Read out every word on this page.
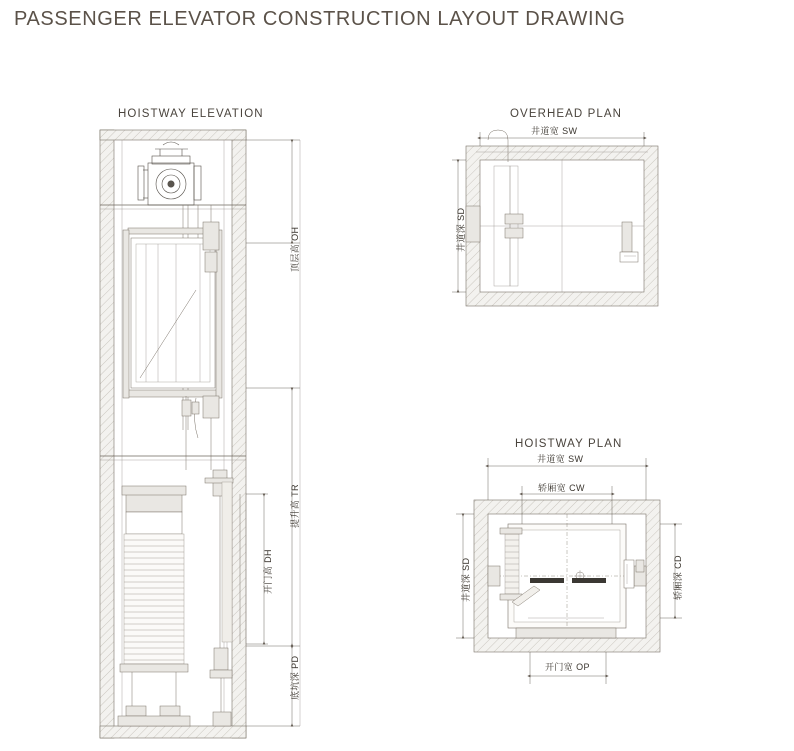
PASSENGER ELEVATOR CONSTRUCTION LAYOUT DRAWING
HOISTWAY ELEVATION	OVERHEAD PLAN
HOISTWAY PLAN
顶层高 OH
提升高 TR
开门高 DH
底坑深 PD
井道宽 SW
井道深 SD
井道宽 SW
轿厢宽 CW
井道深 SD	轿厢深 CD
开门宽 OP
